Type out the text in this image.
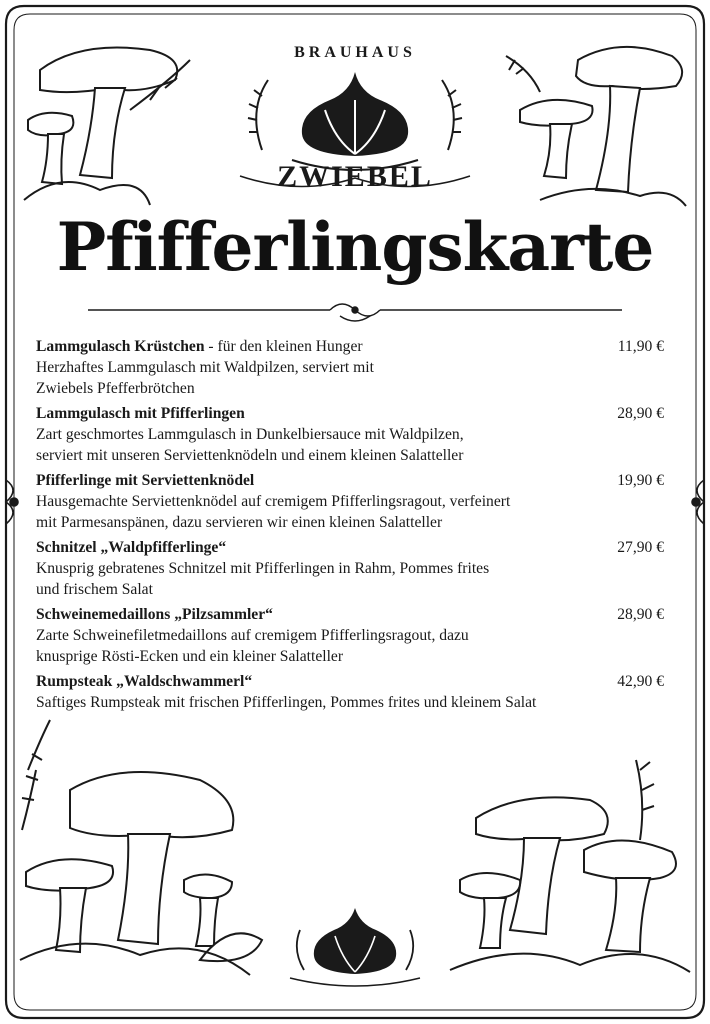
BRAUHAUS
ZWIEBEL
Pfifferlingskarte
Lammgulasch Krüstchen - für den kleinen Hunger	11,90 €
Herzhaftes Lammgulasch mit Waldpilzen, serviert mit
Zwiebels Pfefferbrötchen
Lammgulasch mit Pfifferlingen	28,90 €
Zart geschmortes Lammgulasch in Dunkelbiersauce mit Waldpilzen,
serviert mit unseren Serviettenknödeln und einem kleinen Salatteller
Pfifferlinge mit Serviettenknödel	19,90 €
Hausgemachte Serviettenknödel auf cremigem Pfifferlingsragout, verfeinert
mit Parmesanspänen, dazu servieren wir einen kleinen Salatteller
Schnitzel „Waldpfifferlinge“	27,90 €
Knusprig gebratenes Schnitzel mit Pfifferlingen in Rahm, Pommes frites
und frischem Salat
Schweinemedaillons „Pilzsammler“	28,90 €
Zarte Schweinefiletmedaillons auf cremigem Pfifferlingsragout, dazu
knusprige Rösti-Ecken und ein kleiner Salatteller
Rumpsteak „Waldschwammerl“	42,90 €
Saftiges Rumpsteak mit frischen Pfifferlingen, Pommes frites und kleinem Salat
